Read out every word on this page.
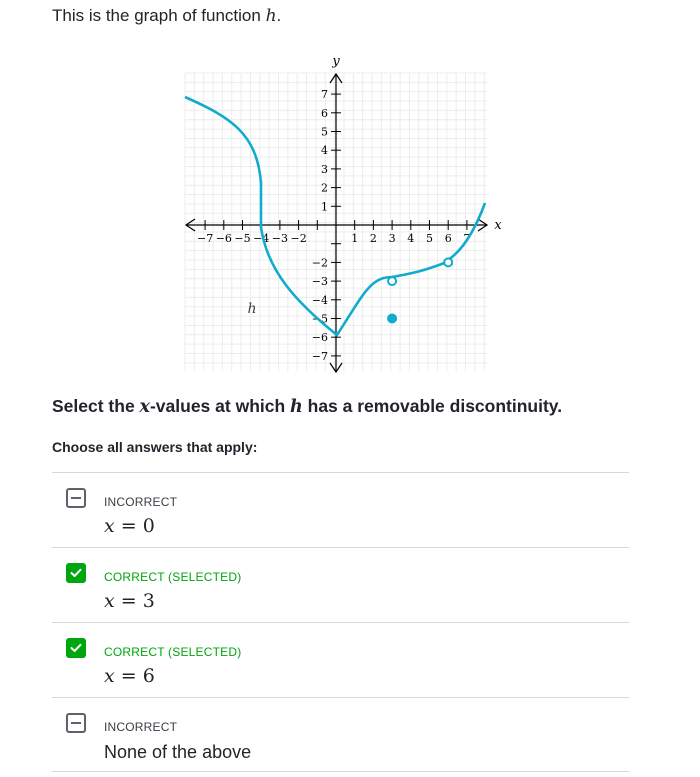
This is the graph of function h.
−7 −6 −5 −4 −3 −2	1 2 3 4 5 6 7
1
2
3
4
5
6
7
−2
−3
−4
−5
−6
−7
y
x
h
Select the x-values at which h has a removable discontinuity.
Choose all answers that apply:
INCORRECT
x = 0
CORRECT (SELECTED)
x = 3
CORRECT (SELECTED)
x = 6
INCORRECT
None of the above
